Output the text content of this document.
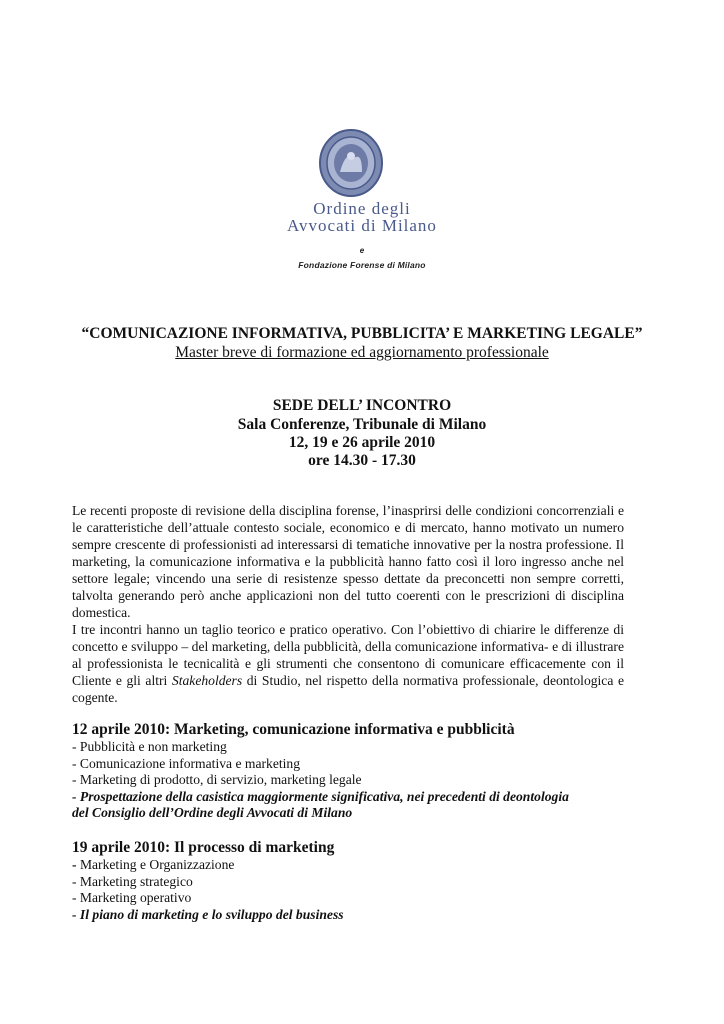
Ordine degli
Avvocati di Milano
e
Fondazione Forense di Milano
“COMUNICAZIONE INFORMATIVA, PUBBLICITA’ E MARKETING LEGALE”
Master breve di formazione ed aggiornamento professionale
SEDE DELL’ INCONTRO
Sala Conferenze, Tribunale di Milano
12, 19 e 26 aprile 2010
ore 14.30 - 17.30

Le recenti proposte di revisione della disciplina forense, l’inasprirsi delle condizioni concorrenziali e le caratteristiche dell’attuale contesto sociale, economico e di mercato, hanno motivato un numero sempre crescente di professionisti ad interessarsi di tematiche innovative per la nostra professione. Il marketing, la comunicazione informativa e la pubblicità hanno fatto così il loro ingresso anche nel settore legale; vincendo una serie di resistenze spesso dettate da preconcetti non sempre corretti, talvolta generando però anche applicazioni non del tutto coerenti con le prescrizioni di disciplina domestica.

I tre incontri hanno un taglio teorico e pratico operativo. Con l’obiettivo di chiarire le differenze di concetto e sviluppo – del marketing, della pubblicità, della comunicazione informativa- e di illustrare al professionista le tecnicalità e gli strumenti che consentono di comunicare efficacemente con il Cliente e gli altri Stakeholders di Studio, nel rispetto della normativa professionale, deontologica e cogente.

12 aprile 2010: Marketing, comunicazione informativa e pubblicità
- Pubblicità e non marketing
- Comunicazione informativa e marketing
- Marketing di prodotto, di servizio, marketing legale
- Prospettazione della casistica maggiormente significativa, nei precedenti di deontologia
del Consiglio dell’Ordine degli Avvocati di Milano
19 aprile 2010: Il processo di marketing
- Marketing e Organizzazione
- Marketing strategico
- Marketing operativo
- Il piano di marketing e lo sviluppo del business
